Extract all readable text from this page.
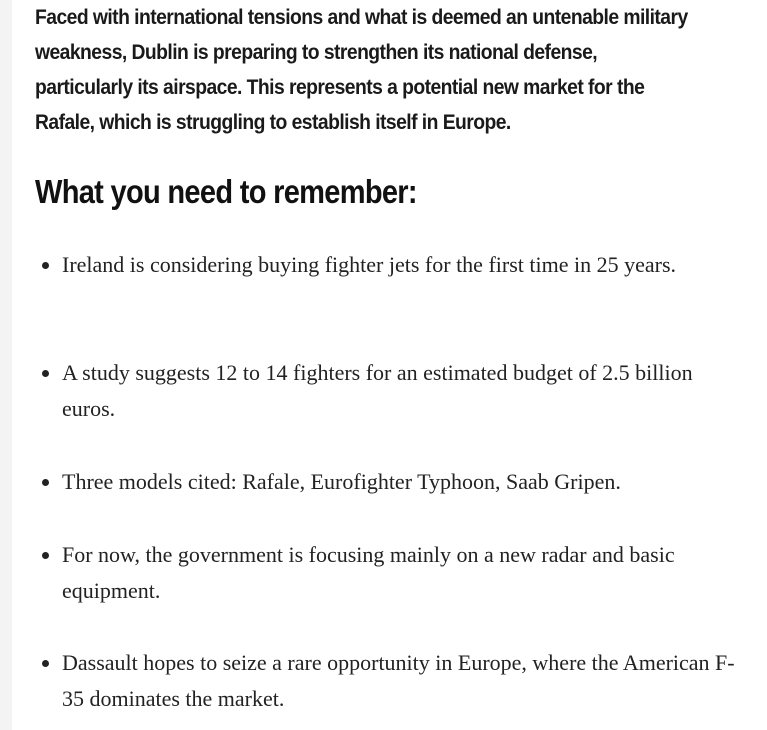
Faced with international tensions and what is deemed an untenable military weakness, Dublin is preparing to strengthen its national defense, particularly its airspace. This represents a potential new market for the Rafale, which is struggling to establish itself in Europe.

What you need to remember:
Ireland is considering buying fighter jets for the first time in 25 years.
A study suggests 12 to 14 fighters for an estimated budget of 2.5 billion euros.
Three models cited: Rafale, Eurofighter Typhoon, Saab Gripen.
For now, the government is focusing mainly on a new radar and basic equipment.
Dassault hopes to seize a rare opportunity in Europe, where the American F-35 dominates the market.
